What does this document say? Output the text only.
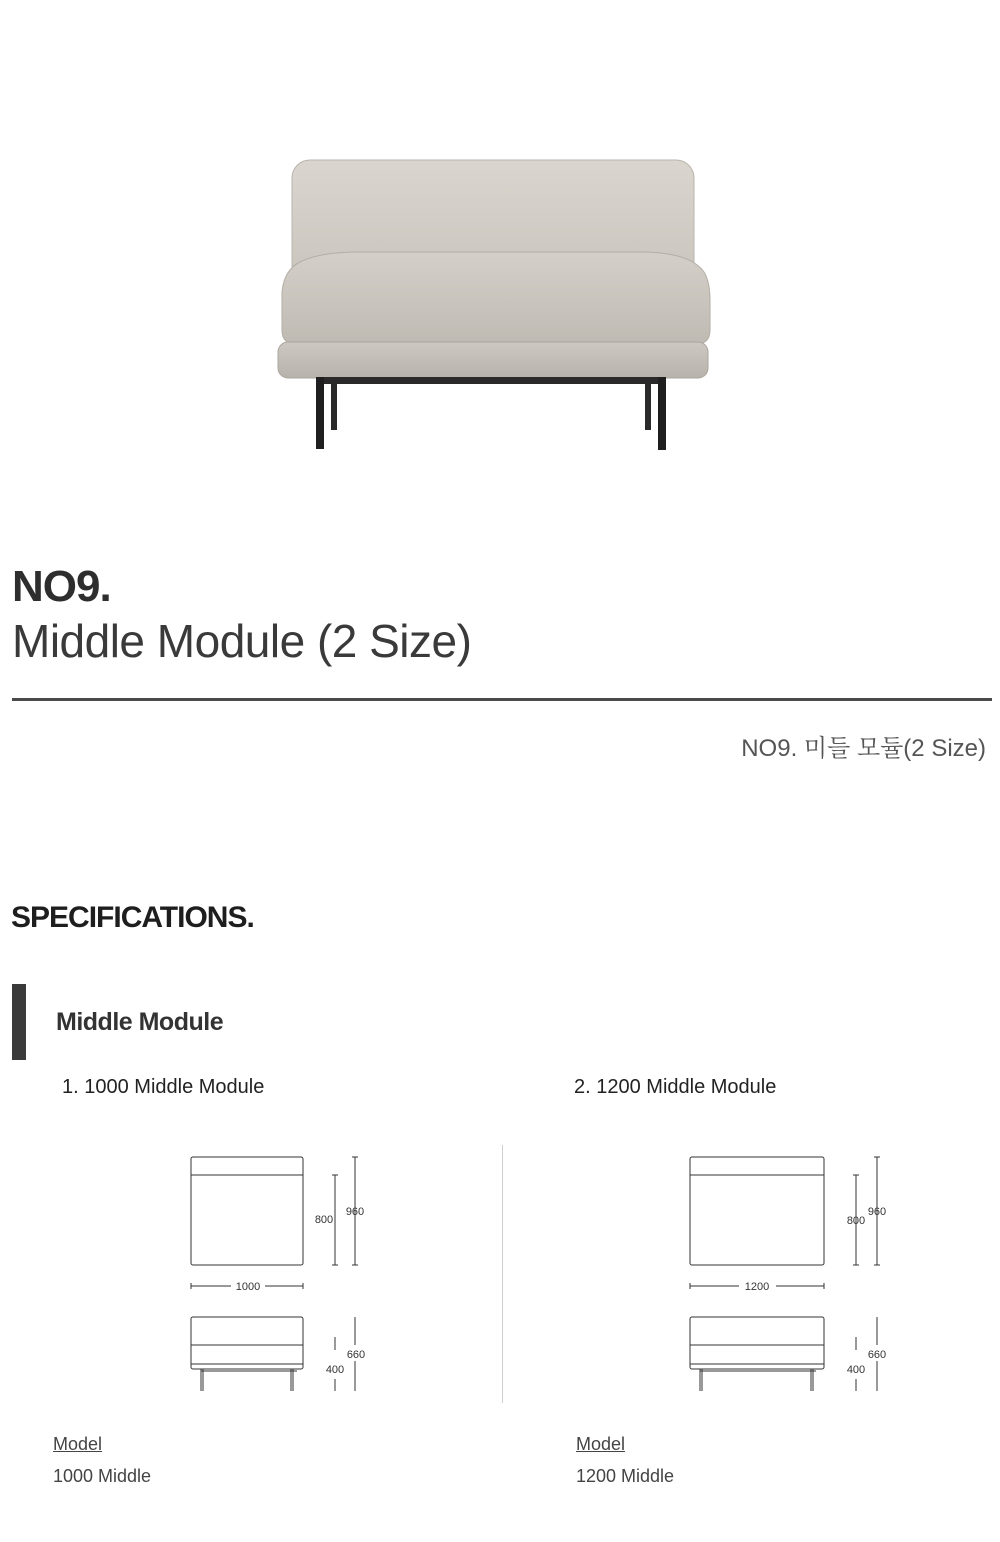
NO9.
Middle Module (2 Size)
NO9. 미들 모듈(2 Size)
SPECIFICATIONS.
Middle Module
1. 1000 Middle Module	2. 1200 Middle Module
800
960
1000
660
400
800
960
1200
660
400
Model
1000 Middle
Model
1200 Middle
